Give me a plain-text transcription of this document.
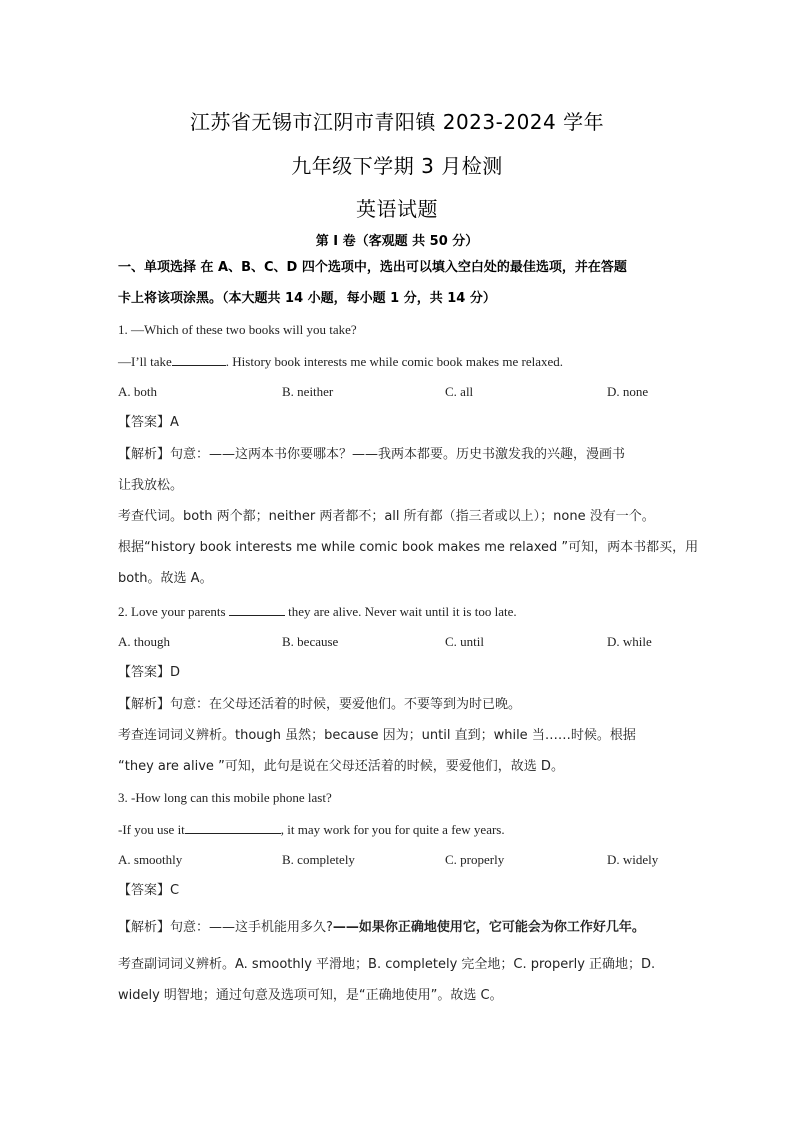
江苏省无锡市江阴市青阳镇 2023-2024 学年
九年级下学期 3 月检测
英语试题
第 I 卷（客观题 共 50 分）
一、单项选择 在 A、B、C、D 四个选项中，选出可以填入空白处的最佳选项，并在答题
卡上将该项涂黑。（本大题共 14 小题，每小题 1 分，共 14 分）
1. —Which of these two books will you take?
—I’ll take	. History book interests me while comic book makes me relaxed.
A. both	B. neither	C. all	D. none
【答案】A
【解析】句意：——这两本书你要哪本？——我两本都要。历史书激发我的兴趣，漫画书
让我放松。
考查代词。both 两个都；neither 两者都不；all 所有都（指三者或以上）；none 没有一个。
根据“history book interests me while comic book makes me relaxed ”可知，两本书都买，用
both。故选 A。
2. Love your parents	they are alive. Never wait until it is too late.
A. though	B. because	C. until	D. while
【答案】D
【解析】句意：在父母还活着的时候，要爱他们。不要等到为时已晚。
考查连词词义辨析。though 虽然；because 因为；until 直到；while 当……时候。根据
“they are alive ”可知，此句是说在父母还活着的时候，要爱他们，故选 D。
3. -How long can this mobile phone last?
-If you use it	, it may work for you for quite a few years.
A. smoothly	B. completely	C. properly	D. widely
【答案】C
【解析】句意：——这手机能用多久?——如果你正确地使用它，它可能会为你工作好几年。
考查副词词义辨析。A. smoothly 平滑地；B. completely 完全地；C. properly 正确地；D.
widely 明智地；通过句意及选项可知，是“正确地使用”。故选 C。
